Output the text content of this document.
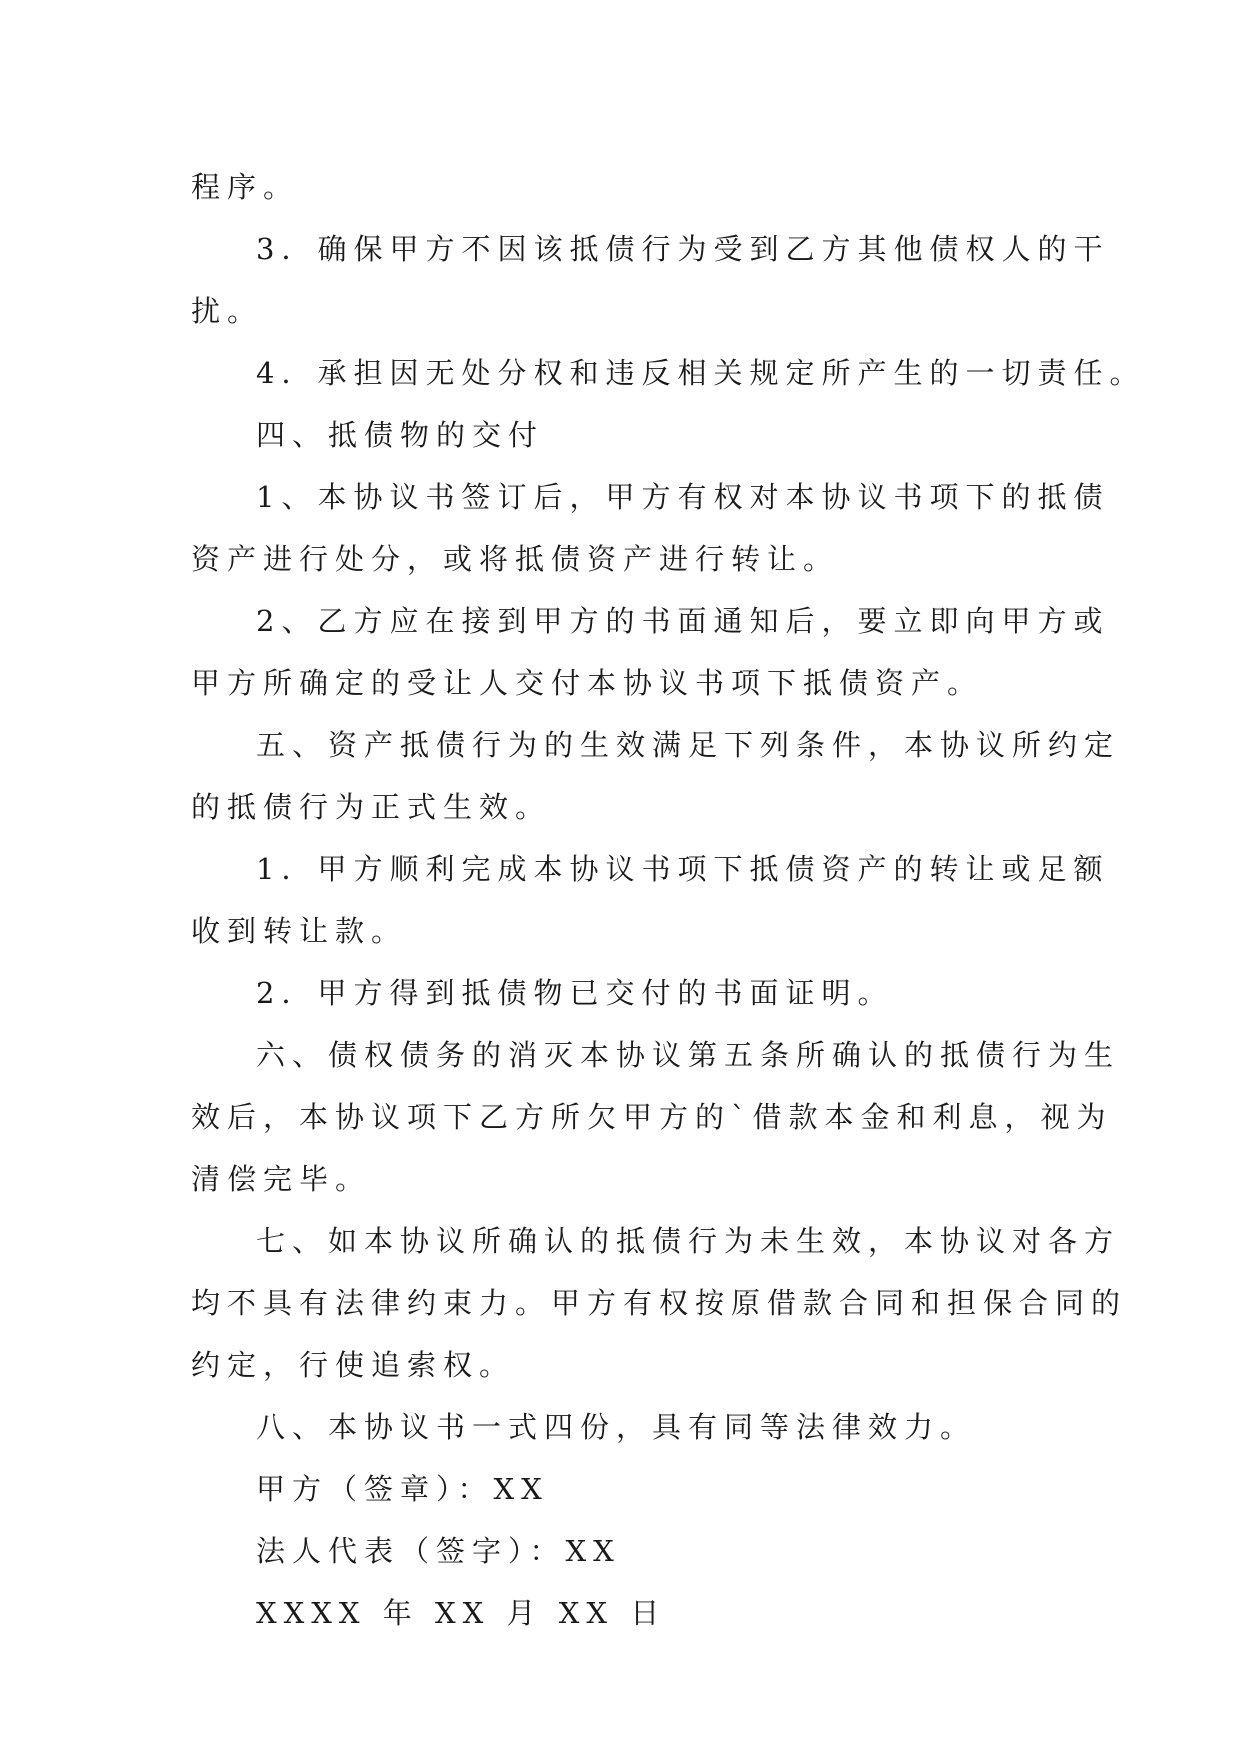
程序。
3．确保甲方不因该抵债行为受到乙方其他债权人的干
扰。
4．承担因无处分权和违反相关规定所产生的一切责任。
四、抵债物的交付
1、本协议书签订后，甲方有权对本协议书项下的抵债
资产进行处分，或将抵债资产进行转让。
2、乙方应在接到甲方的书面通知后，要立即向甲方或
甲方所确定的受让人交付本协议书项下抵债资产。
五、资产抵债行为的生效满足下列条件，本协议所约定
的抵债行为正式生效。
1．甲方顺利完成本协议书项下抵债资产的转让或足额
收到转让款。
2．甲方得到抵债物已交付的书面证明。
六、债权债务的消灭本协议第五条所确认的抵债行为生
效后，本协议项下乙方所欠甲方的`借款本金和利息，视为
清偿完毕。
七、如本协议所确认的抵债行为未生效，本协议对各方
均不具有法律约束力。甲方有权按原借款合同和担保合同的
约定，行使追索权。
八、本协议书一式四份，具有同等法律效力。
甲方（签章）：XX
法人代表（签字）：XX
XXXX 年 XX 月 XX 日
